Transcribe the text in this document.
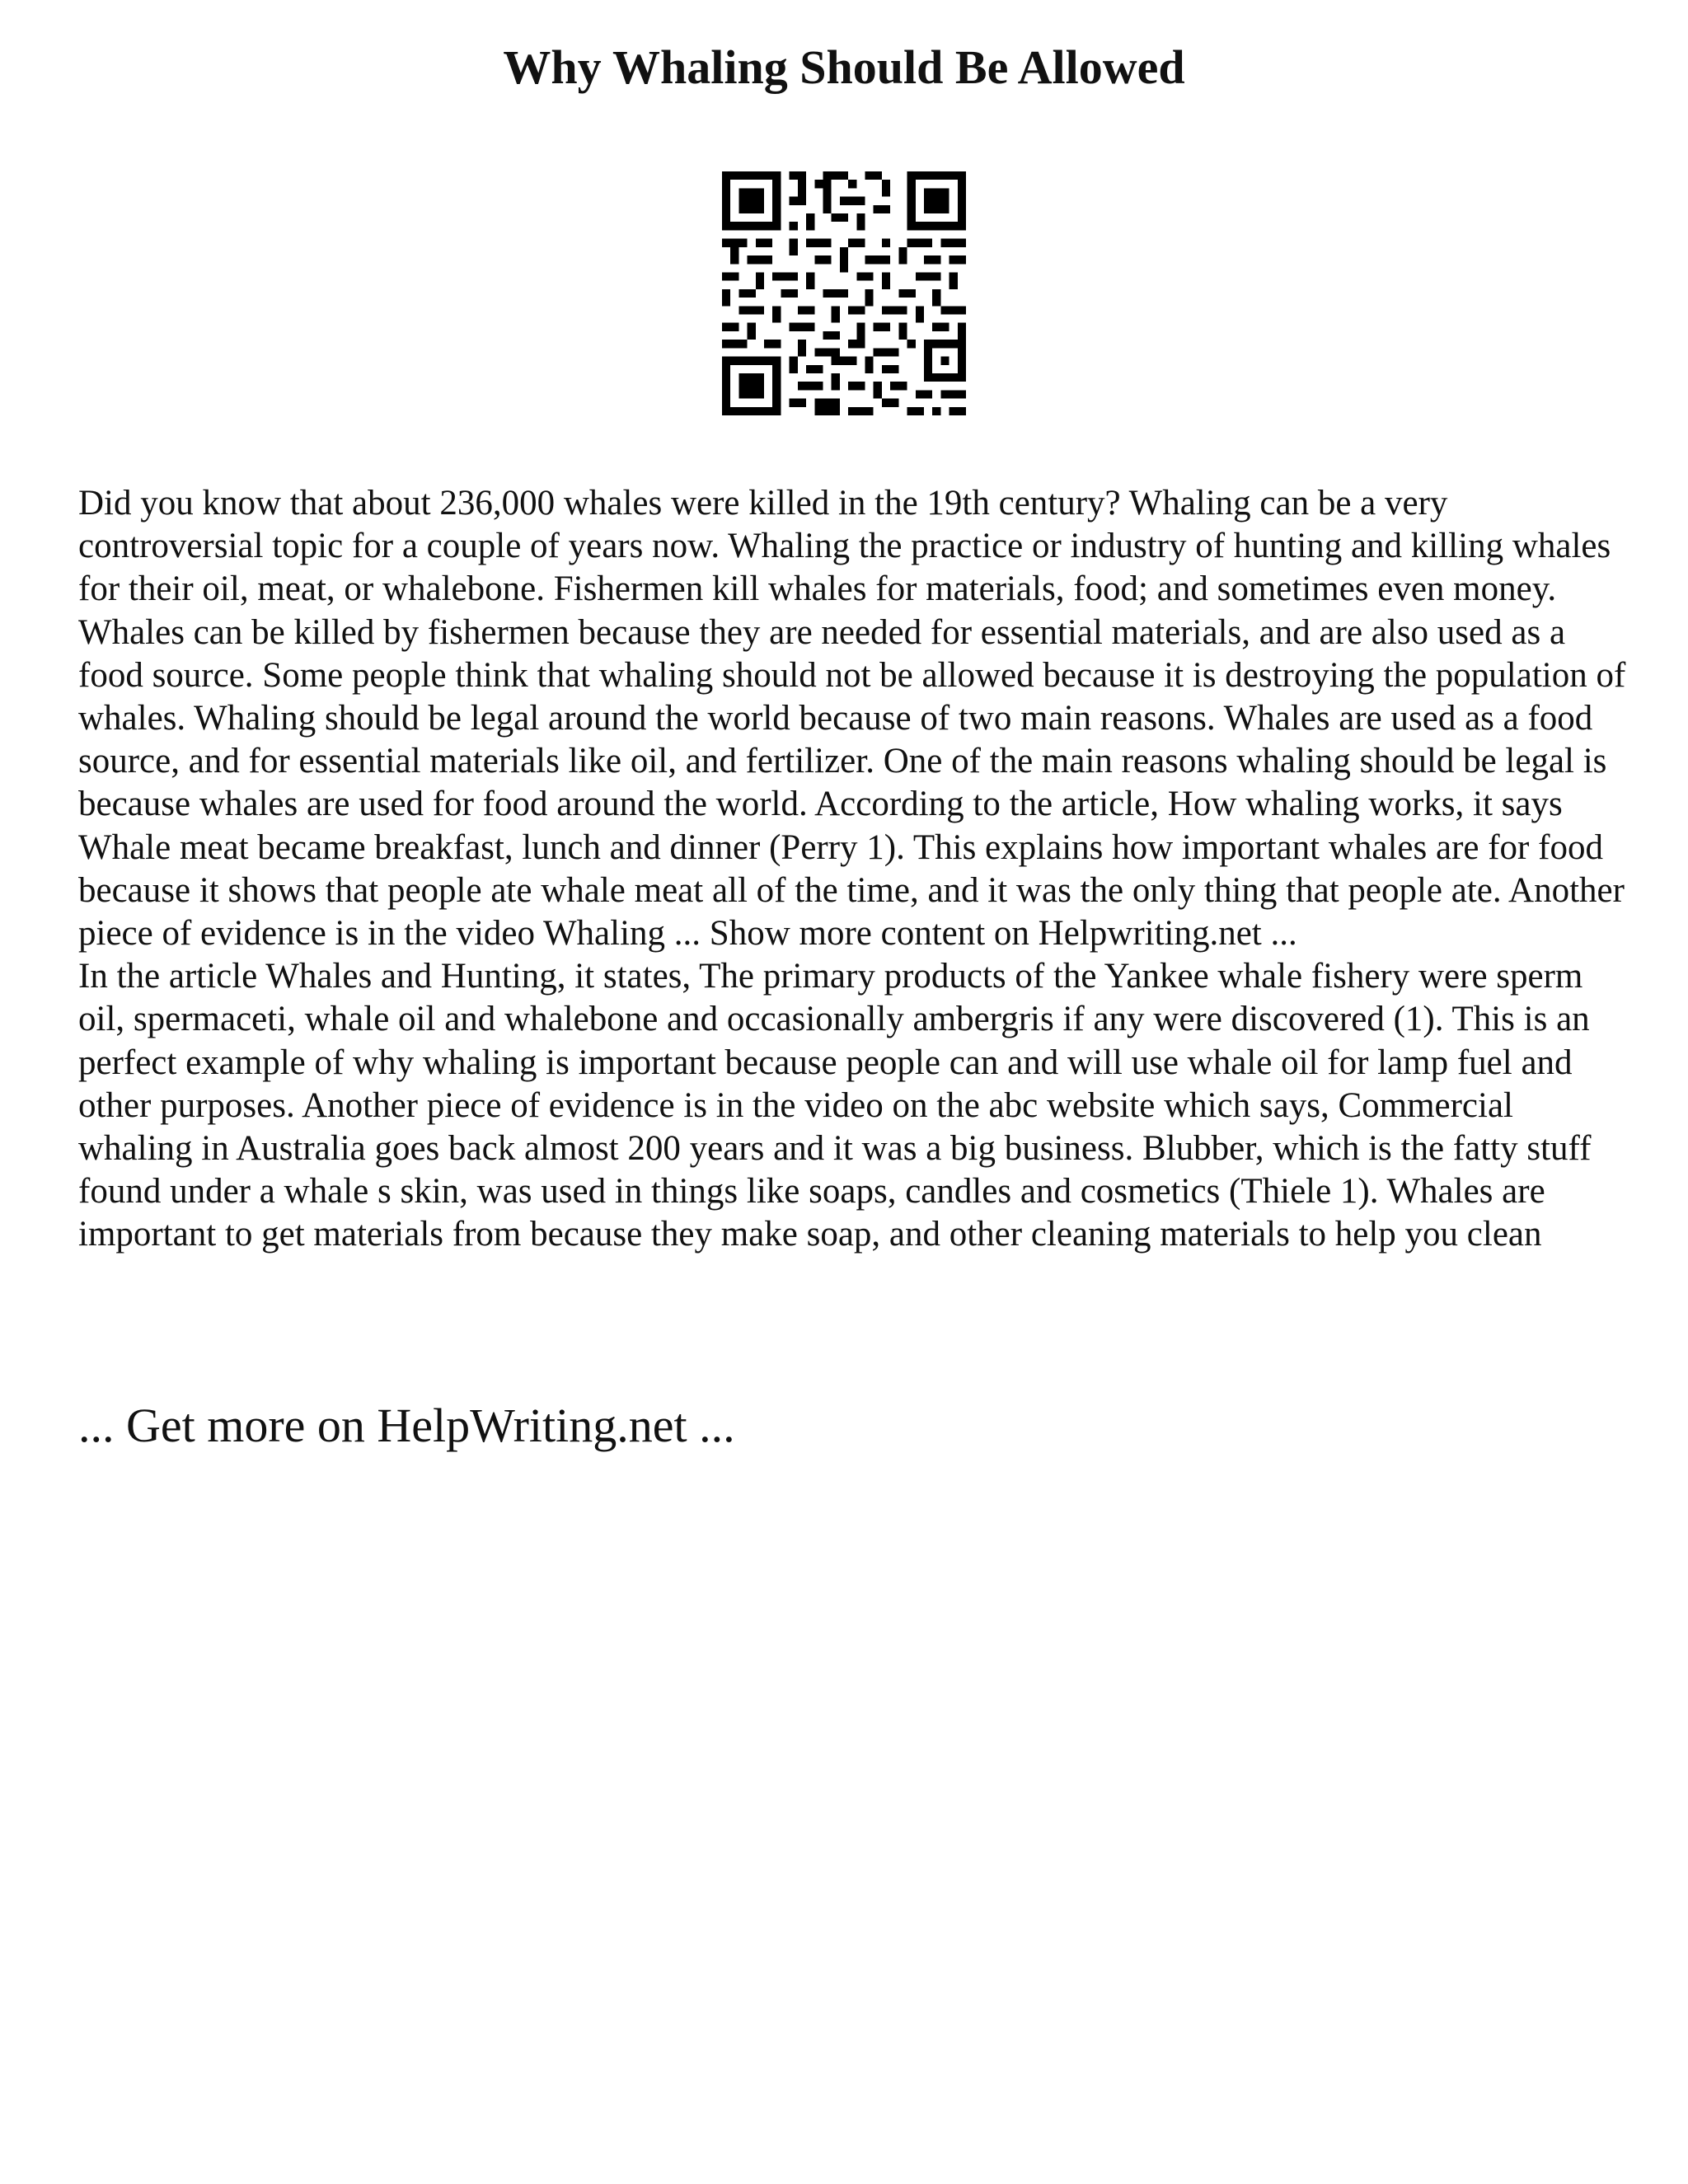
Why Whaling Should Be Allowed

Did you know that about 236,000 whales were killed in the 19th century? Whaling can be a very controversial topic for a couple of years now. Whaling the practice or industry of hunting and killing whales for their oil, meat, or whalebone. Fishermen kill whales for materials, food; and sometimes even money. Whales can be killed by fishermen because they are needed for essential materials, and are also used as a food source. Some people think that whaling should not be allowed because it is destroying the population of whales. Whaling should be legal around the world because of two main reasons. Whales are used as a food source, and for essential materials like oil, and fertilizer. One of the main reasons whaling should be legal is because whales are used for food around the world. According to the article, How whaling works, it says Whale meat became breakfast, lunch and dinner (Perry 1). This explains how important whales are for food because it shows that people ate whale meat all of the time, and it was the only thing that people ate. Another piece of evidence is in the video Whaling ... Show more content on Helpwriting.net ...

In the article Whales and Hunting, it states, The primary products of the Yankee whale fishery were sperm oil, spermaceti, whale oil and whalebone and occasionally ambergris if any were discovered (1). This is an perfect example of why whaling is important because people can and will use whale oil for lamp fuel and other purposes. Another piece of evidence is in the video on the abc website which says, Commercial whaling in Australia goes back almost 200 years and it was a big business. Blubber, which is the fatty stuff found under a whale s skin, was used in things like soaps, candles and cosmetics (Thiele 1). Whales are important to get materials from because they make soap, and other cleaning materials to help you clean

... Get more on HelpWriting.net ...
